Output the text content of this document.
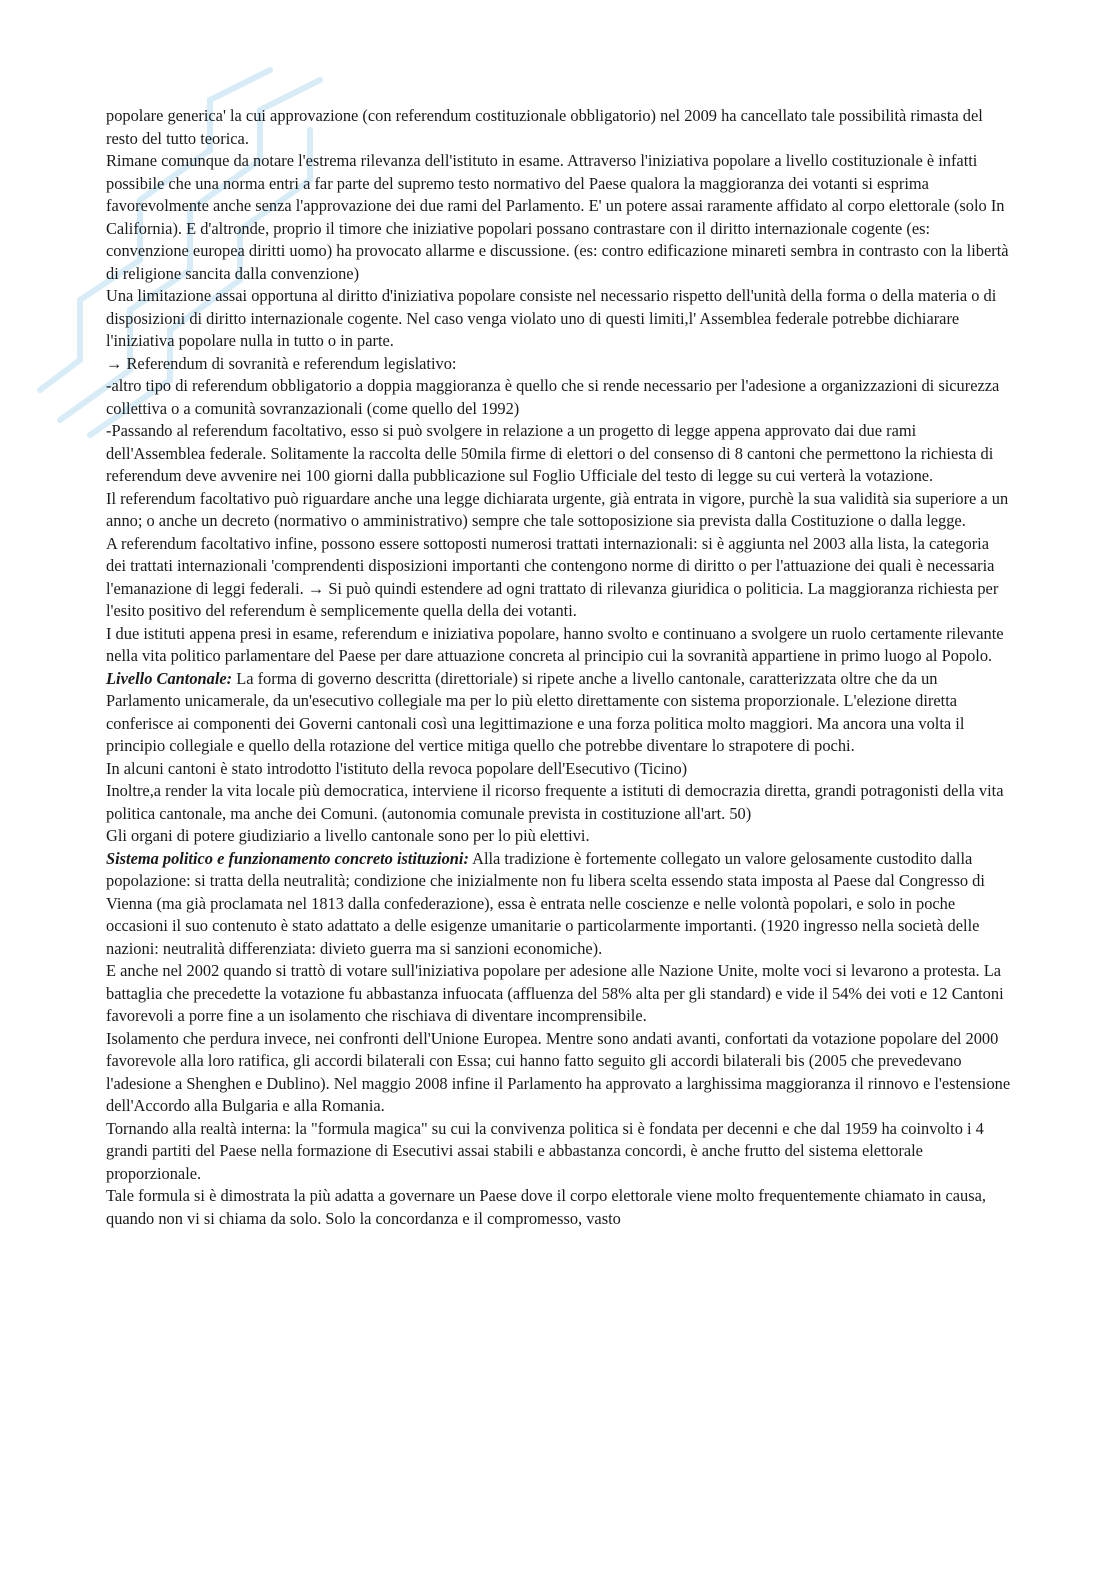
popolare generica' la cui approvazione (con referendum costituzionale obbligatorio) nel 2009 ha cancellato tale possibilità rimasta del resto del tutto teorica.

Rimane comunque da notare l'estrema rilevanza dell'istituto in esame. Attraverso l'iniziativa popolare a livello costituzionale è infatti possibile che una norma entri a far parte del supremo testo normativo del Paese qualora la maggioranza dei votanti si esprima favorevolmente anche senza l'approvazione dei due rami del Parlamento. E' un potere assai raramente affidato al corpo elettorale (solo In California). E d'altronde, proprio il timore che iniziative popolari possano contrastare con il diritto internazionale cogente (es: convenzione europea diritti uomo) ha provocato allarme e discussione. (es: contro edificazione minareti sembra in contrasto con la libertà di religione sancita dalla convenzione)

Una limitazione assai opportuna al diritto d'iniziativa popolare consiste nel necessario rispetto dell'unità della forma o della materia o di disposizioni di diritto internazionale cogente. Nel caso venga violato uno di questi limiti,l' Assemblea federale potrebbe dichiarare l'iniziativa popolare nulla in tutto o in parte.

→ Referendum di sovranità e referendum legislativo:

-altro tipo di referendum obbligatorio a doppia maggioranza è quello che si rende necessario per l'adesione a organizzazioni di sicurezza collettiva o a comunità sovranzazionali (come quello del 1992)

-Passando al referendum facoltativo, esso si può svolgere in relazione a un progetto di legge appena approvato dai due rami dell'Assemblea federale. Solitamente la raccolta delle 50mila firme di elettori o del consenso di 8 cantoni che permettono la richiesta di referendum deve avvenire nei 100 giorni dalla pubblicazione sul Foglio Ufficiale del testo di legge su cui verterà la votazione.

Il referendum facoltativo può riguardare anche una legge dichiarata urgente, già entrata in vigore, purchè la sua validità sia superiore a un anno; o anche un decreto (normativo o amministrativo) sempre che tale sottoposizione sia prevista dalla Costituzione o dalla legge.

A referendum facoltativo infine, possono essere sottoposti numerosi trattati internazionali: si è aggiunta nel 2003 alla lista, la categoria dei trattati internazionali 'comprendenti disposizioni importanti che contengono norme di diritto o per l'attuazione dei quali è necessaria l'emanazione di leggi federali. → Si può quindi estendere ad ogni trattato di rilevanza giuridica o politicia. La maggioranza richiesta per l'esito positivo del referendum è semplicemente quella della dei votanti.

I due istituti appena presi in esame, referendum e iniziativa popolare, hanno svolto e continuano a svolgere un ruolo certamente rilevante nella vita politico parlamentare del Paese per dare attuazione concreta al principio cui la sovranità appartiene in primo luogo al Popolo.

Livello Cantonale: La forma di governo descritta (direttoriale) si ripete anche a livello cantonale, caratterizzata oltre che da un Parlamento unicamerale, da un'esecutivo collegiale ma per lo più eletto direttamente con sistema proporzionale. L'elezione diretta conferisce ai componenti dei Governi cantonali così una legittimazione e una forza politica molto maggiori. Ma ancora una volta il principio collegiale e quello della rotazione del vertice mitiga quello che potrebbe diventare lo strapotere di pochi.

In alcuni cantoni è stato introdotto l'istituto della revoca popolare dell'Esecutivo (Ticino)

Inoltre,a render la vita locale più democratica, interviene il ricorso frequente a istituti di democrazia diretta, grandi potragonisti della vita politica cantonale, ma anche dei Comuni. (autonomia comunale prevista in costituzione all'art. 50)

Gli organi di potere giudiziario a livello cantonale sono per lo più elettivi.

Sistema politico e funzionamento concreto istituzioni: Alla tradizione è fortemente collegato un valore gelosamente custodito dalla popolazione: si tratta della neutralità; condizione che inizialmente non fu libera scelta essendo stata imposta al Paese dal Congresso di Vienna (ma già proclamata nel 1813 dalla confederazione), essa è entrata nelle coscienze e nelle volontà popolari, e solo in poche occasioni il suo contenuto è stato adattato a delle esigenze umanitarie o particolarmente importanti. (1920 ingresso nella società delle nazioni: neutralità differenziata: divieto guerra ma si sanzioni economiche).

E anche nel 2002 quando si trattò di votare sull'iniziativa popolare per adesione alle Nazione Unite, molte voci si levarono a protesta. La battaglia che precedette la votazione fu abbastanza infuocata (affluenza del 58% alta per gli standard) e vide il 54% dei voti e 12 Cantoni favorevoli a porre fine a un isolamento che rischiava di diventare incomprensibile.

Isolamento che perdura invece, nei confronti dell'Unione Europea. Mentre sono andati avanti, confortati da votazione popolare del 2000 favorevole alla loro ratifica, gli accordi bilaterali con Essa; cui hanno fatto seguito gli accordi bilaterali bis (2005 che prevedevano l'adesione a Shenghen e Dublino). Nel maggio 2008 infine il Parlamento ha approvato a larghissima maggioranza il rinnovo e l'estensione dell'Accordo alla Bulgaria e alla Romania.

Tornando alla realtà interna: la "formula magica" su cui la convivenza politica si è fondata per decenni e che dal 1959 ha coinvolto i 4 grandi partiti del Paese nella formazione di Esecutivi assai stabili e abbastanza concordi, è anche frutto del sistema elettorale proporzionale.

Tale formula si è dimostrata la più adatta a governare un Paese dove il corpo elettorale viene molto frequentemente chiamato in causa, quando non vi si chiama da solo. Solo la concordanza e il compromesso, vasto
